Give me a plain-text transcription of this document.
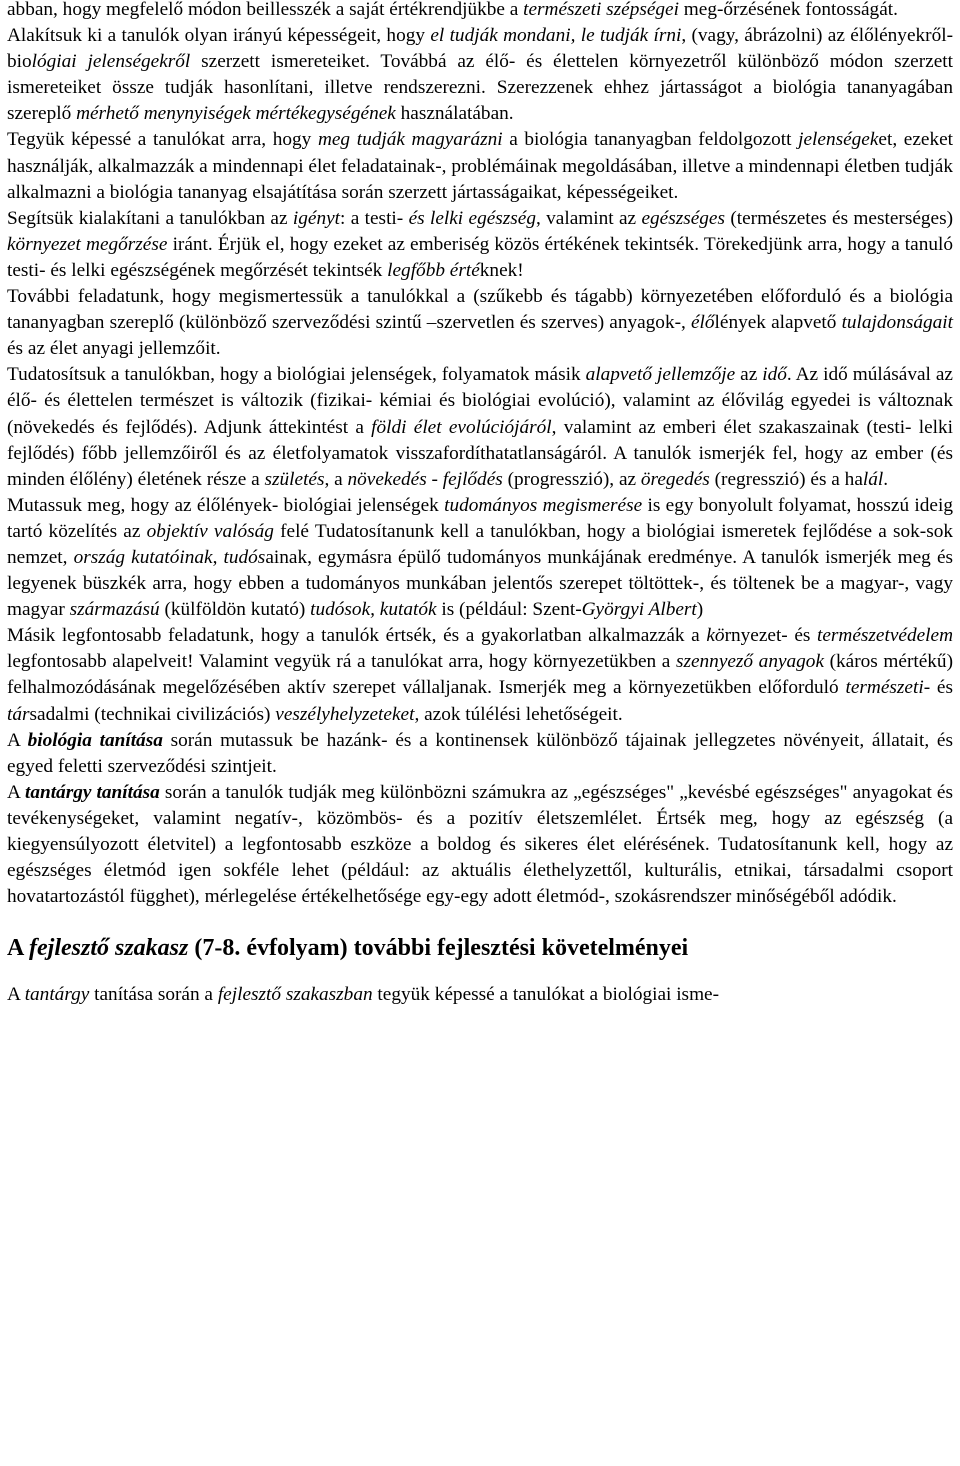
abban, hogy megfelelő módon beillesszék a saját értékrendjükbe a természeti szépségei meg-őrzésének fontosságát.

Alakítsuk ki a tanulók olyan irányú képességeit, hogy el tudják mondani, le tudják írni, (vagy, ábrázolni) az élőlényekről- biológiai jelenségekről szerzett ismereteiket. Továbbá az élő- és élettelen környezetről különböző módon szerzett ismereteiket össze tudják hasonlítani, illetve rendszerezni. Szerezzenek ehhez jártasságot a biológia tananyagában szereplő mérhető menynyiségek mértékegységének használatában.

Tegyük képessé a tanulókat arra, hogy meg tudják magyarázni a biológia tananyagban feldolgozott jelenségeket, ezeket használják, alkalmazzák a mindennapi élet feladatainak-, problémáinak megoldásában, illetve a mindennapi életben tudják alkalmazni a biológia tananyag elsajátítása során szerzett jártasságaikat, képességeiket.

Segítsük kialakítani a tanulókban az igényt: a testi- és lelki egészség, valamint az egészséges (természetes és mesterséges) környezet megőrzése iránt. Érjük el, hogy ezeket az emberiség közös értékének tekintsék. Törekedjünk arra, hogy a tanuló testi- és lelki egészségének megőrzését tekintsék legfőbb értéknek!

További feladatunk, hogy megismertessük a tanulókkal a (szűkebb és tágabb) környezetében előforduló és a biológia tananyagban szereplő (különböző szerveződési szintű –szervetlen és szerves) anyagok-, élőlények alapvető tulajdonságait és az élet anyagi jellemzőit.

Tudatosítsuk a tanulókban, hogy a biológiai jelenségek, folyamatok másik alapvető jellemzője az idő. Az idő múlásával az élő- és élettelen természet is változik (fizikai- kémiai és biológiai evolúció), valamint az élővilág egyedei is változnak (növekedés és fejlődés). Adjunk áttekintést a földi élet evolúciójáról, valamint az emberi élet szakaszainak (testi- lelki fejlődés) főbb jellemzőiről és az életfolyamatok visszafordíthatatlanságáról. A tanulók ismerjék fel, hogy az ember (és minden élőlény) életének része a születés, a növekedés - fejlődés (progresszió), az öregedés (regresszió) és a halál.

Mutassuk meg, hogy az élőlények- biológiai jelenségek tudományos megismerése is egy bonyolult folyamat, hosszú ideig tartó közelítés az objektív valóság felé Tudatosítanunk kell a tanulókban, hogy a biológiai ismeretek fejlődése a sok-sok nemzet, ország kutatóinak, tudósainak, egymásra épülő tudományos munkájának eredménye. A tanulók ismerjék meg és legyenek büszkék arra, hogy ebben a tudományos munkában jelentős szerepet töltöttek-, és töltenek be a magyar-, vagy magyar származású (külföldön kutató) tudósok, kutatók is (például: Szent-Györgyi Albert)

Másik legfontosabb feladatunk, hogy a tanulók értsék, és a gyakorlatban alkalmazzák a környezet- és természetvédelem legfontosabb alapelveit! Valamint vegyük rá a tanulókat arra, hogy környezetükben a szennyező anyagok (káros mértékű) felhalmozódásának megelőzésében aktív szerepet vállaljanak. Ismerjék meg a környezetükben előforduló természeti- és társadalmi (technikai civilizációs) veszélyhelyzeteket, azok túlélési lehetőségeit.

A biológia tanítása során mutassuk be hazánk- és a kontinensek különböző tájainak jellegzetes növényeit, állatait, és egyed feletti szerveződési szintjeit.

A tantárgy tanítása során a tanulók tudják meg különbözni számukra az „egészséges" „kevésbé egészséges" anyagokat és tevékenységeket, valamint negatív-, közömbös- és a pozitív életszemlélet. Értsék meg, hogy az egészség (a kiegyensúlyozott életvitel) a legfontosabb eszköze a boldog és sikeres élet elérésének. Tudatosítanunk kell, hogy az egészséges életmód igen sokféle lehet (például: az aktuális élethelyzettől, kulturális, etnikai, társadalmi csoport hovatartozástól függhet), mérlegelése értékelhetősége egy-egy adott életmód-, szokásrendszer minőségéből adódik.

A fejlesztő szakasz (7-8. évfolyam) további fejlesztési követelményei

A tantárgy tanítása során a fejlesztő szakaszban tegyük képessé a tanulókat a biológiai isme-
